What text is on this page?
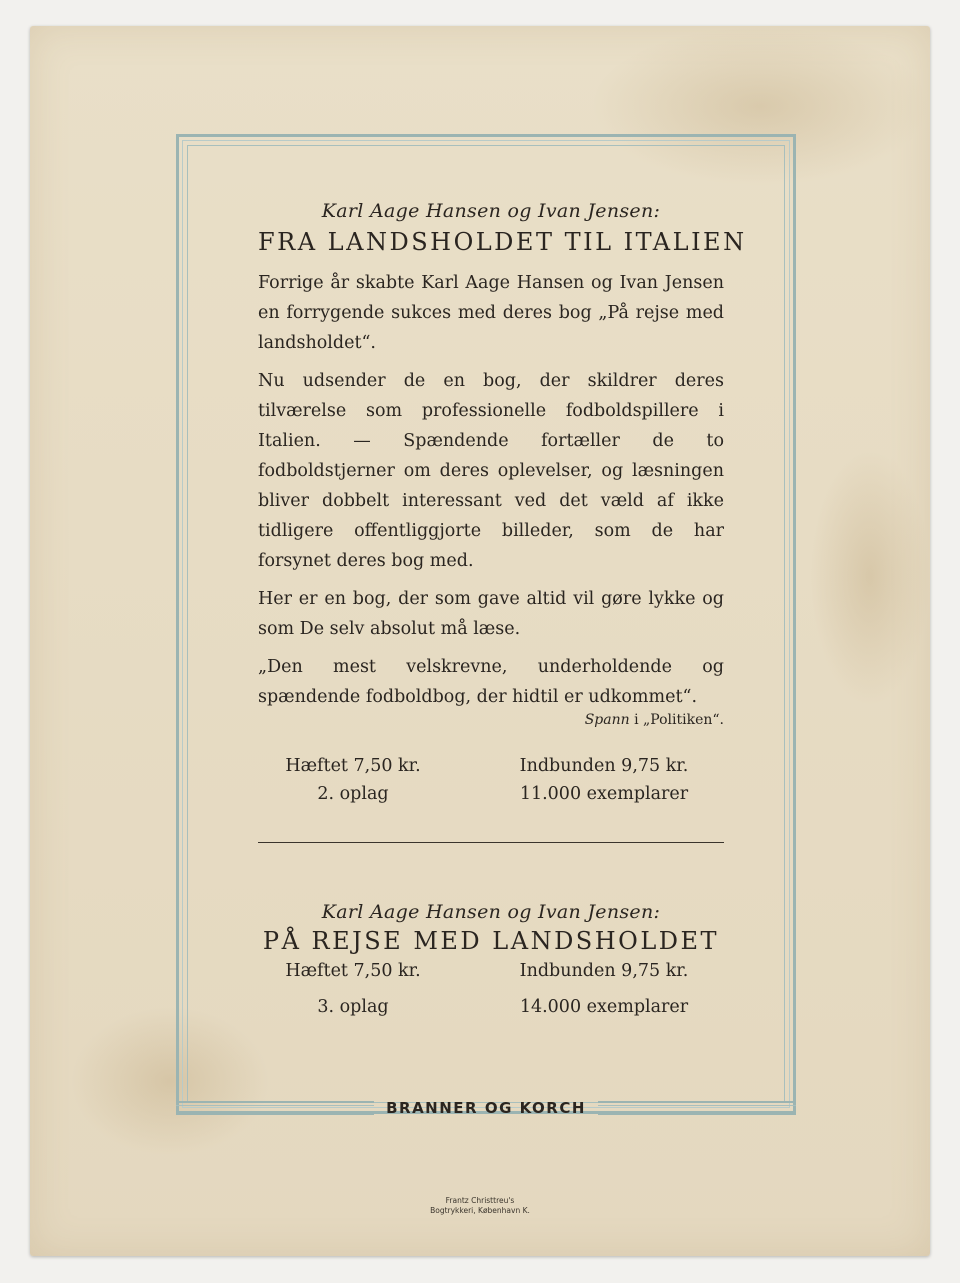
Karl Aage Hansen og Ivan Jensen:

FRA LANDSHOLDET TIL ITALIEN

Forrige år skabte Karl Aage Hansen og Ivan Jensen en forrygende sukces med deres bog „På rejse med landsholdet“.

Nu udsender de en bog, der skildrer deres tilværelse som professionelle fodboldspillere i Italien. — Spændende fortæller de to fodboldstjerner om deres oplevelser, og læsningen bliver dobbelt interessant ved det væld af ikke tidligere offentliggjorte billeder, som de har forsynet deres bog med.

Her er en bog, der som gave altid vil gøre lykke og som De selv absolut må læse.

„Den mest velskrevne, underholdende og spændende fodboldbog, der hidtil er udkommet“.

Spann i „Politiken“.
Hæftet 7,50 kr.	Indbunden 9,75 kr.
2. oplag	11.000 exemplarer

Karl Aage Hansen og Ivan Jensen:

PÅ REJSE MED LANDSHOLDET
Hæftet 7,50 kr.	Indbunden 9,75 kr.
3. oplag	14.000 exemplarer
BRANNER OG KORCH
Frantz Christtreu's
Bogtrykkeri, København K.
